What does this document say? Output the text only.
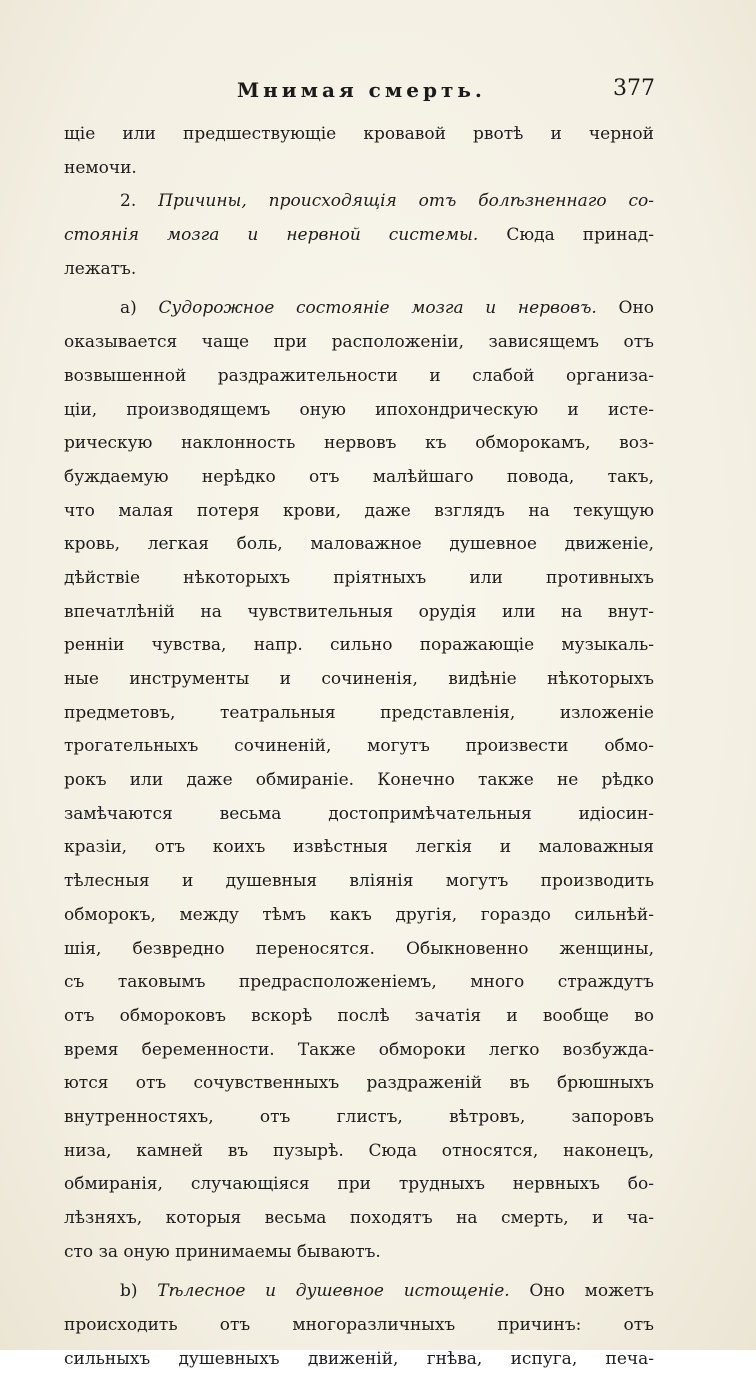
Мнимая смерть.	377
щіе или предшествующіе кровавой рвотѣ и черной
немочи.
2. Причины, происходящія отъ болѣзненнаго со-
стоянія мозга и нервной системы. Сюда принад-
лежатъ.
a) Судорожное состояніе мозга и нервовъ. Оно
оказывается чаще при расположеніи, зависящемъ отъ
возвышенной раздражительности и слабой организа-
ціи, производящемъ оную ипохондрическую и исте-
рическую наклонность нервовъ къ обморокамъ, воз-
буждаемую нерѣдко отъ малѣйшаго повода, такъ,
что малая потеря крови, даже взглядъ на текущую
кровь, легкая боль, маловажное душевное движеніе,
дѣйствіе нѣкоторыхъ пріятныхъ или противныхъ
впечатлѣній на чувствительныя орудія или на внут-
ренніи чувства, напр. сильно поражающіе музыкаль-
ные инструменты и сочиненія, видѣніе нѣкоторыхъ
предметовъ, театральныя представленія, изложеніе
трогательныхъ сочиненій, могутъ произвести обмо-
рокъ или даже обмираніе. Конечно также не рѣдко
замѣчаются весьма достопримѣчательныя идіосин-
крaзіи, отъ коихъ извѣстныя легкія и маловажныя
тѣлесныя и душевныя вліянія могутъ производить
обморокъ, между тѣмъ какъ другія, гораздо сильнѣй-
шія, безвредно переносятся. Обыкновенно женщины,
съ таковымъ предрасположеніемъ, много страждутъ
отъ обмороковъ вскорѣ послѣ зачатія и вообще во
время беременности. Также обмороки легко возбужда-
ются отъ сочувственныхъ раздраженій въ брюшныхъ
внутренностяхъ, отъ глистъ, вѣтровъ, запоровъ
низа, камней въ пузырѣ. Сюда относятся, наконецъ,
обмиранія, случающіяся при трудныхъ нервныхъ бо-
лѣзняхъ, которыя весьма походятъ на смерть, и ча-
сто за оную принимаемы бываютъ.
b) Тѣлесное и душевное истощеніе. Оно можетъ
происходить отъ многоразличныхъ причинъ: отъ
сильныхъ душевныхъ движеній, гнѣва, испуга, печа-
